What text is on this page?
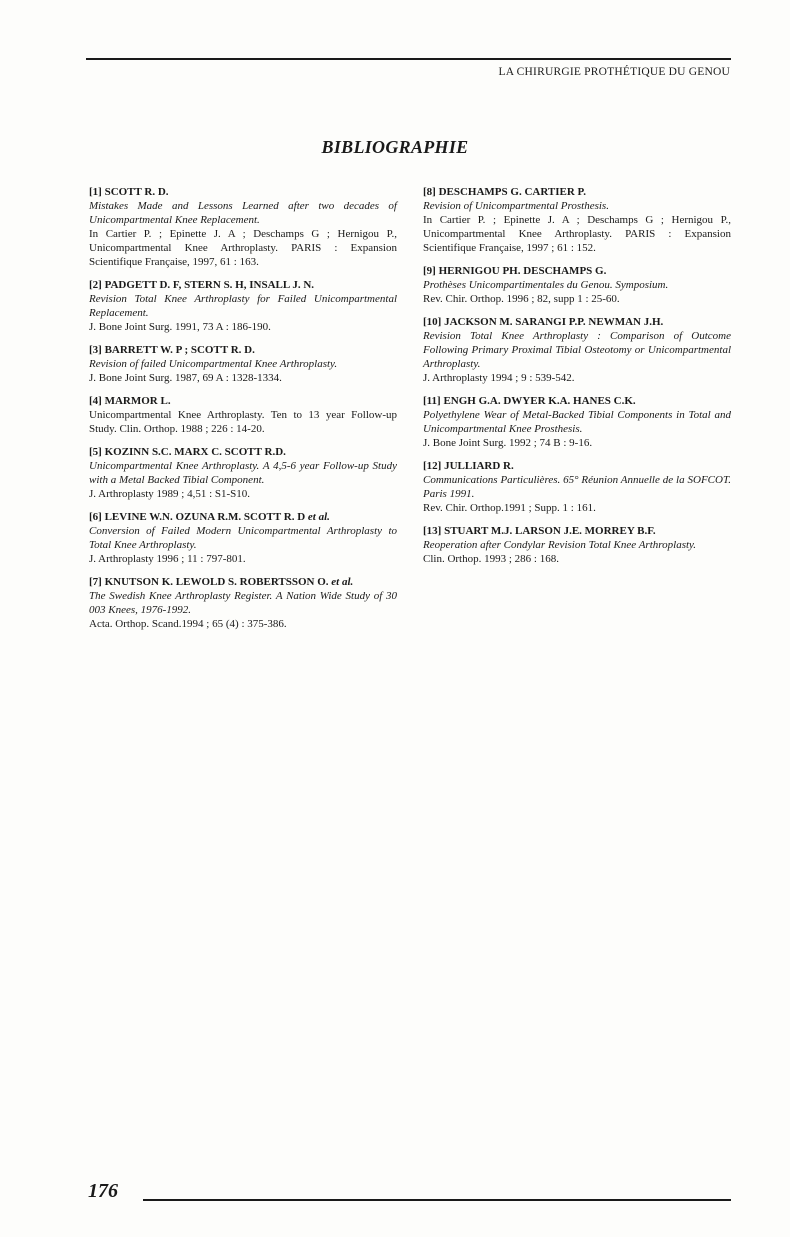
LA CHIRURGIE PROTHÉTIQUE DU GENOU
BIBLIOGRAPHIE
[1] SCOTT R. D.
Mistakes Made and Lessons Learned after two decades of Unicompartmental Knee Replacement.
In Cartier P. ; Epinette J. A ; Deschamps G ; Hernigou P., Unicompartmental Knee Arthroplasty. PARIS : Expansion Scientifique Française, 1997, 61 : 163.
[2] PADGETT D. F, STERN S. H, INSALL J. N.
Revision Total Knee Arthroplasty for Failed Unicompartmental Replacement.
J. Bone Joint Surg. 1991, 73 A : 186-190.
[3] BARRETT W. P ; SCOTT R. D.
Revision of failed Unicompartmental Knee Arthroplasty.
J. Bone Joint Surg. 1987, 69 A : 1328-1334.
[4] MARMOR L.
Unicompartmental Knee Arthroplasty. Ten to 13 year Follow-up Study. Clin. Orthop. 1988 ; 226 : 14-20.
[5] KOZINN S.C. MARX C. SCOTT R.D.
Unicompartmental Knee Arthroplasty. A 4,5-6 year Follow-up Study with a Metal Backed Tibial Component.
J. Arthroplasty 1989 ; 4,51 : S1-S10.
[6] LEVINE W.N. OZUNA R.M. SCOTT R. D et al.
Conversion of Failed Modern Unicompartmental Arthroplasty to Total Knee Arthroplasty.
J. Arthroplasty 1996 ; 11 : 797-801.
[7] KNUTSON K. LEWOLD S. ROBERTSSON O. et al.
The Swedish Knee Arthroplasty Register. A Nation Wide Study of 30 003 Knees, 1976-1992.
Acta. Orthop. Scand.1994 ; 65 (4) : 375-386.
[8] DESCHAMPS G. CARTIER P.
Revision of Unicompartmental Prosthesis.
In Cartier P. ; Epinette J. A ; Deschamps G ; Hernigou P., Unicompartmental Knee Arthroplasty. PARIS : Expansion Scientifique Française, 1997 ; 61 : 152.
[9] HERNIGOU PH. DESCHAMPS G.
Prothèses Unicompartimentales du Genou. Symposium.
Rev. Chir. Orthop. 1996 ; 82, supp 1 : 25-60.
[10] JACKSON M. SARANGI P.P. NEWMAN J.H.
Revision Total Knee Arthroplasty : Comparison of Outcome Following Primary Proximal Tibial Osteotomy or Unicompartmental Arthroplasty.
J. Arthroplasty 1994 ; 9 : 539-542.
[11] ENGH G.A. DWYER K.A. HANES C.K.
Polyethylene Wear of Metal-Backed Tibial Components in Total and Unicompartmental Knee Prosthesis.
J. Bone Joint Surg. 1992 ; 74 B : 9-16.
[12] JULLIARD R.
Communications Particulières. 65° Réunion Annuelle de la SOFCOT. Paris 1991.
Rev. Chir. Orthop.1991 ; Supp. 1 : 161.
[13] STUART M.J. LARSON J.E. MORREY B.F.
Reoperation after Condylar Revision Total Knee Arthroplasty.
Clin. Orthop. 1993 ; 286 : 168.
176
